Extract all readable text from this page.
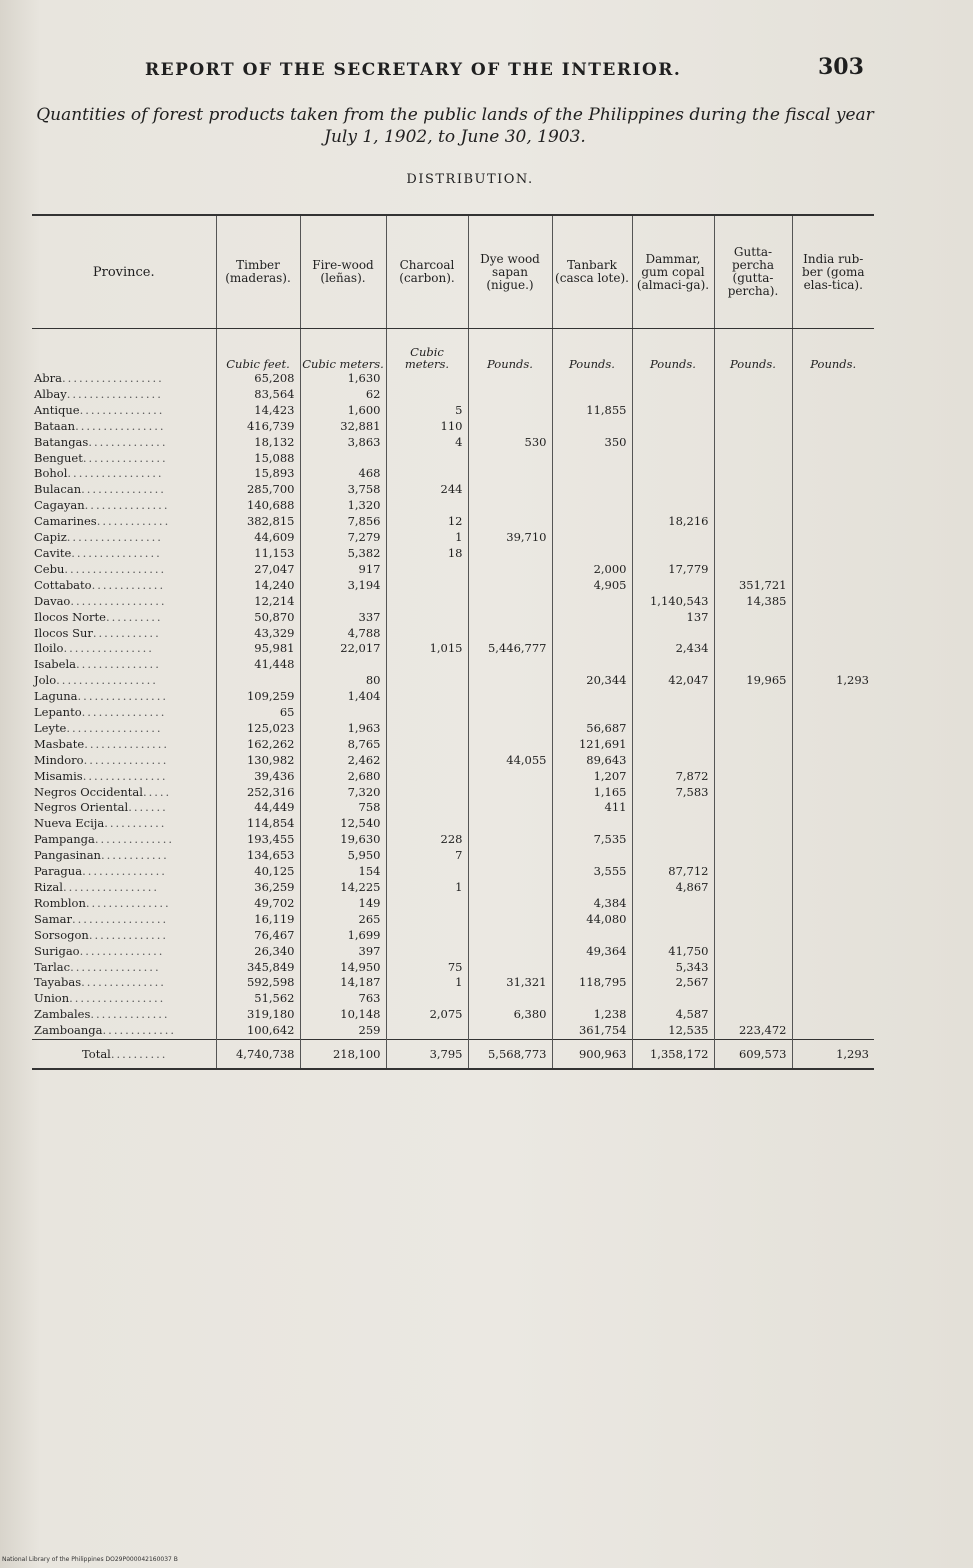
REPORT OF THE SECRETARY OF THE INTERIOR.	303
Quantities of forest products taken from the public lands of the Philippines during the fiscal year July 1, 1902, to June 30, 1903.
DISTRIBUTION.
Province.	Timber (maderas).	Fire-wood (leñas).	Charcoal (carbon).	Dye wood sapan (nigue.)	Tanbark (casca lote).	Dammar, gum copal (almaci-ga).	Gutta-percha (gutta-percha).	India rub-ber (goma elas-tica).
	Cubic feet.	Cubic meters.	Cubic meters.	Pounds.	Pounds.	Pounds.	Pounds.	Pounds.
Abra..................	65,208	1,630						
Albay.................	83,564	62						
Antique...............	14,423	1,600	5		11,855			
Bataan................	416,739	32,881	110					
Batangas..............	18,132	3,863	4	530	350			
Benguet...............	15,088							
Bohol.................	15,893	468						
Bulacan...............	285,700	3,758	244					
Cagayan...............	140,688	1,320						
Camarines.............	382,815	7,856	12			18,216		
Capiz.................	44,609	7,279	1	39,710				
Cavite................	11,153	5,382	18					
Cebu..................	27,047	917			2,000	17,779		
Cottabato.............	14,240	3,194			4,905		351,721	
Davao.................	12,214					1,140,543	14,385	
Ilocos Norte..........	50,870	337				137		
Ilocos Sur............	43,329	4,788						
Iloilo................	95,981	22,017	1,015	5,446,777		2,434		
Isabela...............	41,448							
Jolo..................		80			20,344	42,047	19,965	1,293
Laguna................	109,259	1,404						
Lepanto...............	65							
Leyte.................	125,023	1,963			56,687			
Masbate...............	162,262	8,765			121,691			
Mindoro...............	130,982	2,462		44,055	89,643			
Misamis...............	39,436	2,680			1,207	7,872		
Negros Occidental.....	252,316	7,320			1,165	7,583		
Negros Oriental.......	44,449	758			411			
Nueva Ecija...........	114,854	12,540						
Pampanga..............	193,455	19,630	228		7,535			
Pangasinan............	134,653	5,950	7					
Paragua...............	40,125	154			3,555	87,712		
Rizal.................	36,259	14,225	1			4,867		
Romblon...............	49,702	149			4,384			
Samar.................	16,119	265			44,080			
Sorsogon..............	76,467	1,699						
Surigao...............	26,340	397			49,364	41,750		
Tarlac................	345,849	14,950	75			5,343		
Tayabas...............	592,598	14,187	1	31,321	118,795	2,567		
Union.................	51,562	763						
Zambales..............	319,180	10,148	2,075	6,380	1,238	4,587		
Zamboanga.............	100,642	259			361,754	12,535	223,472	
Total..........	4,740,738	218,100	3,795	5,568,773	900,963	1,358,172	609,573	1,293
National Library of the Philippines DO29P000042160037 B
